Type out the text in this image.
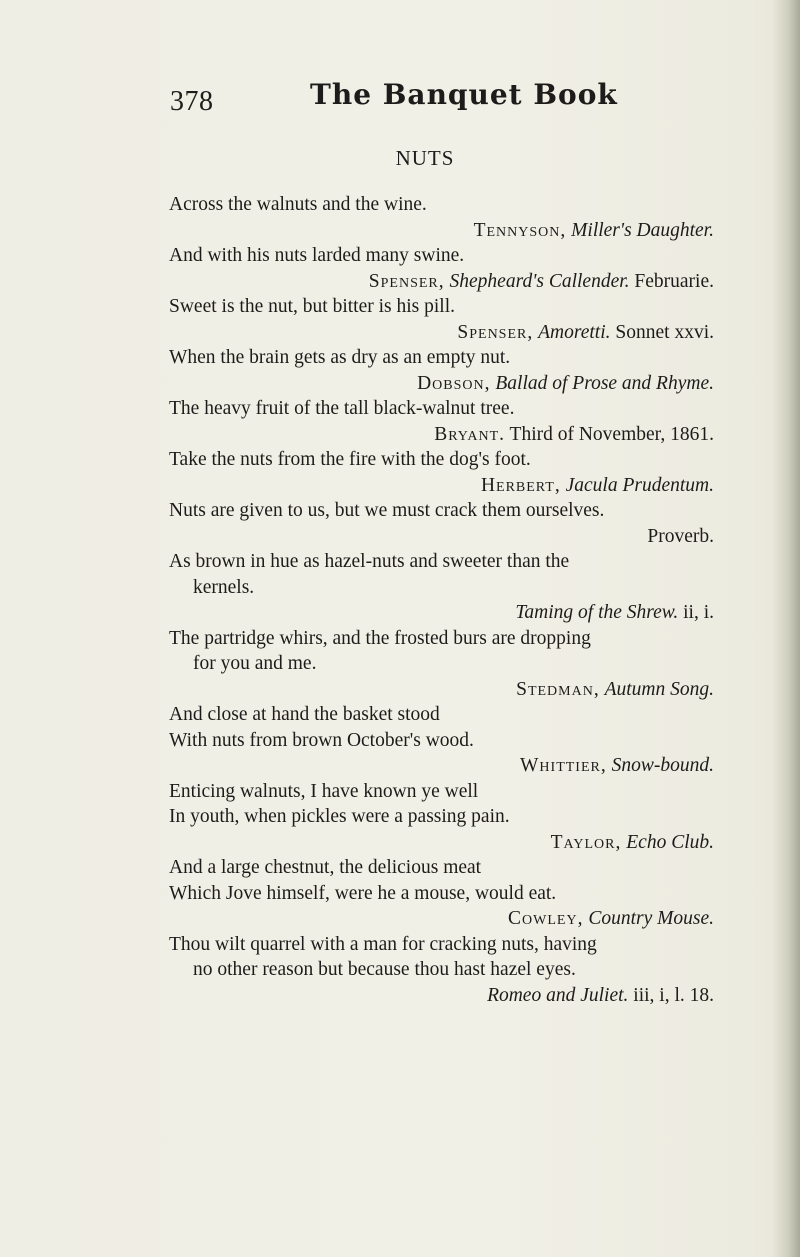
378	The Banquet Book
NUTS
Across the walnuts and the wine.
Tennyson, Miller's Daughter.
And with his nuts larded many swine.
Spenser, Shepheard's Callender. Februarie.
Sweet is the nut, but bitter is his pill.
Spenser, Amoretti. Sonnet xxvi.
When the brain gets as dry as an empty nut.
Dobson, Ballad of Prose and Rhyme.
The heavy fruit of the tall black-walnut tree.
Bryant. Third of November, 1861.
Take the nuts from the fire with the dog's foot.
Herbert, Jacula Prudentum.
Nuts are given to us, but we must crack them ourselves.
Proverb.
As brown in hue as hazel-nuts and sweeter than the
kernels.
Taming of the Shrew. ii, i.
The partridge whirs, and the frosted burs are dropping
for you and me.
Stedman, Autumn Song.
And close at hand the basket stood
With nuts from brown October's wood.
Whittier, Snow-bound.
Enticing walnuts, I have known ye well
In youth, when pickles were a passing pain.
Taylor, Echo Club.
And a large chestnut, the delicious meat
Which Jove himself, were he a mouse, would eat.
Cowley, Country Mouse.
Thou wilt quarrel with a man for cracking nuts, having
no other reason but because thou hast hazel eyes.
Romeo and Juliet. iii, i, l. 18.
